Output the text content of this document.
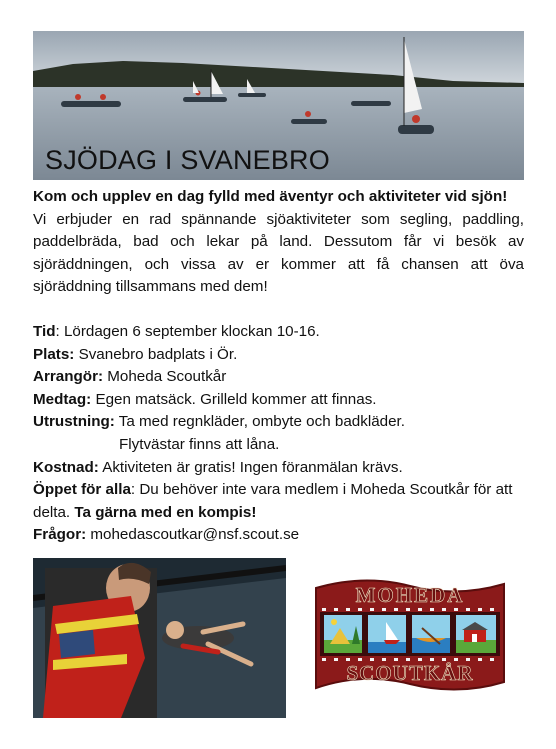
SJÖDAG I SVANEBRO

Kom och upplev en dag fylld med äventyr och aktiviteter vid sjön!

Vi erbjuder en rad spännande sjöaktiviteter som segling, paddling, paddelbräda, bad och lekar på land. Dessutom får vi besök av sjöräddningen, och vissa av er kommer att få chansen att öva sjöräddning tillsammans med dem!

Tid: Lördagen 6 september klockan 10-16.

Plats: Svanebro badplats i Ör.

Arrangör: Moheda Scoutkår

Medtag: Egen matsäck. Grilleld kommer att finnas.

Utrustning: Ta med regnkläder, ombyte och badkläder.

Flytvästar finns att låna.

Kostnad: Aktiviteten är gratis! Ingen föranmälan krävs.

Öppet för alla: Du behöver inte vara medlem i Moheda Scoutkår för att delta. Ta gärna med en kompis!

Frågor: mohedascoutkar@nsf.scout.se

MOHEDA
SCOUTKÅR
